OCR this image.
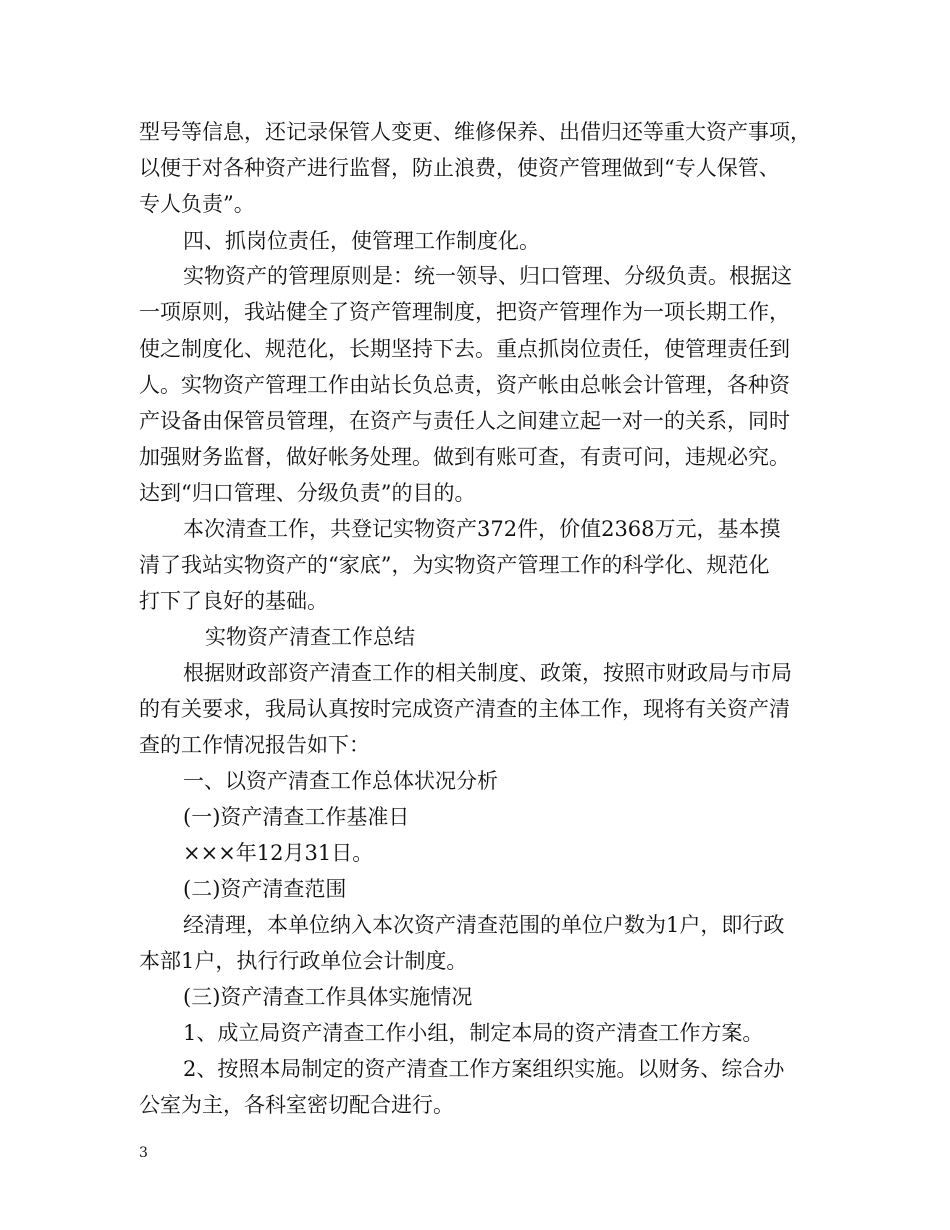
型号等信息，还记录保管人变更、维修保养、出借归还等重大资产事项，
以便于对各种资产进行监督，防止浪费，使资产管理做到“专人保管、
专人负责”。
四、抓岗位责任，使管理工作制度化。
实物资产的管理原则是：统一领导、归口管理、分级负责。根据这
一项原则，我站健全了资产管理制度，把资产管理作为一项长期工作，
使之制度化、规范化，长期坚持下去。重点抓岗位责任，使管理责任到
人。实物资产管理工作由站长负总责，资产帐由总帐会计管理，各种资
产设备由保管员管理，在资产与责任人之间建立起一对一的关系，同时
加强财务监督，做好帐务处理。做到有账可查，有责可问，违规必究。
达到“归口管理、分级负责”的目的。
本次清查工作，共登记实物资产372件，价值2368万元，基本摸
清了我站实物资产的“家底”，为实物资产管理工作的科学化、规范化
打下了良好的基础。
实物资产清查工作总结
根据财政部资产清查工作的相关制度、政策，按照市财政局与市局
的有关要求，我局认真按时完成资产清查的主体工作，现将有关资产清
查的工作情况报告如下：
一、以资产清查工作总体状况分析
(一)资产清查工作基准日
×××年12月31日。
(二)资产清查范围
经清理，本单位纳入本次资产清查范围的单位户数为1户，即行政
本部1户，执行行政单位会计制度。
(三)资产清查工作具体实施情况
1、成立局资产清查工作小组，制定本局的资产清查工作方案。
2、按照本局制定的资产清查工作方案组织实施。以财务、综合办
公室为主，各科室密切配合进行。
3
